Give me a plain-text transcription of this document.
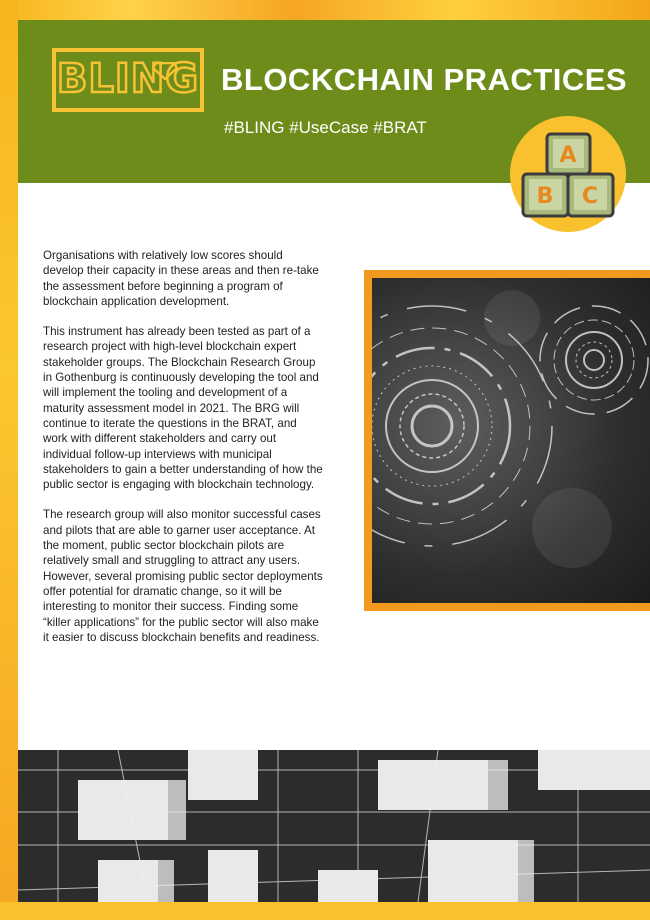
BLING BLOCKCHAIN PRACTICES
#BLING #UseCase #BRAT
A
B C

Organisations with relatively low scores should develop their capacity in these areas and then re-take the assessment before beginning a program of blockchain application development.

This instrument has already been tested as part of a research project with high-level blockchain expert stakeholder groups. The Blockchain Research Group in Gothenburg is continuously developing the tool and will implement the tooling and development of a maturity assessment model in 2021. The BRG will continue to iterate the questions in the BRAT, and work with different stakeholders and carry out individual follow-up interviews with municipal stakeholders to gain a better understanding of how the public sector is engaging with blockchain technology.

The research group will also monitor successful cases and pilots that are able to garner user acceptance. At the moment, public sector blockchain pilots are relatively small and struggling to attract any users. However, several promising public sector deployments offer potential for dramatic change, so it will be interesting to monitor their success. Finding some “killer applications” for the public sector will also make it easier to discuss blockchain benefits and readiness.
